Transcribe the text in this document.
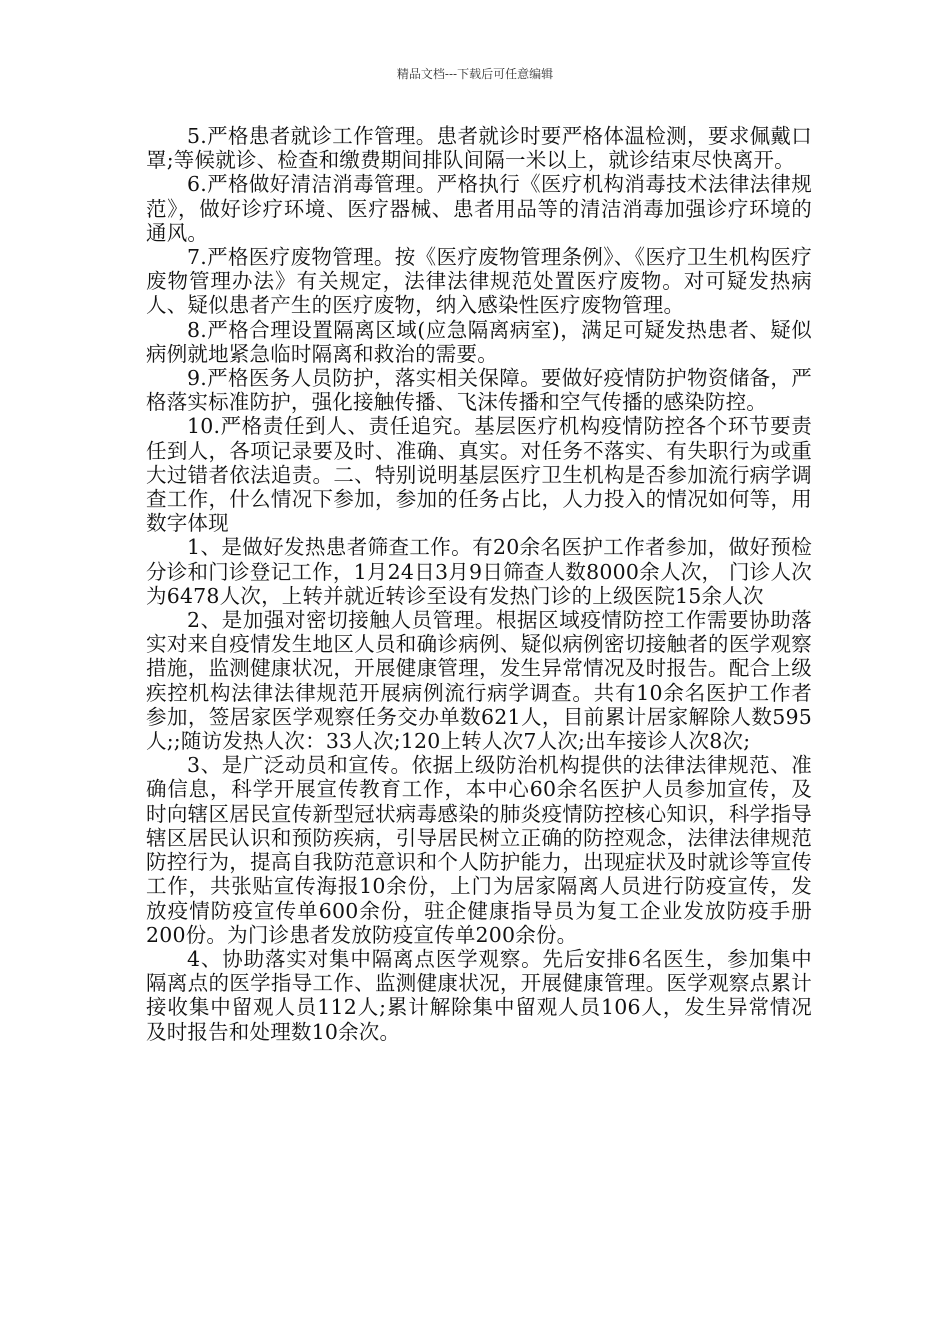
精品文档---下载后可任意编辑

5.严格患者就诊工作管理。患者就诊时要严格体温检测，要求佩戴口罩;等候就诊、检查和缴费期间排队间隔一米以上，就诊结束尽快离开。

6.严格做好清洁消毒管理。严格执行《医疗机构消毒技术法律法律规范》，做好诊疗环境、医疗器械、患者用品等的清洁消毒加强诊疗环境的通风。

7.严格医疗废物管理。按《医疗废物管理条例》、《医疗卫生机构医疗废物管理办法》有关规定，法律法律规范处置医疗废物。对可疑发热病人、疑似患者产生的医疗废物，纳入感染性医疗废物管理。

8.严格合理设置隔离区域(应急隔离病室)，满足可疑发热患者、疑似病例就地紧急临时隔离和救治的需要。

9.严格医务人员防护，落实相关保障。要做好疫情防护物资储备，严格落实标准防护，强化接触传播、飞沫传播和空气传播的感染防控。

10.严格责任到人、责任追究。基层医疗机构疫情防控各个环节要责任到人，各项记录要及时、准确、真实。对任务不落实、有失职行为或重大过错者依法追责。二、特别说明基层医疗卫生机构是否参加流行病学调查工作，什么情况下参加，参加的任务占比，人力投入的情况如何等，用数字体现

1、是做好发热患者筛查工作。有20余名医护工作者参加，做好预检分诊和门诊登记工作，1月24日3月9日筛查人数8000余人次， 门诊人次为6478人次，上转并就近转诊至设有发热门诊的上级医院15余人次

2、是加强对密切接触人员管理。根据区域疫情防控工作需要协助落实对来自疫情发生地区人员和确诊病例、疑似病例密切接触者的医学观察措施，监测健康状况，开展健康管理，发生异常情况及时报告。配合上级疾控机构法律法律规范开展病例流行病学调查。共有10余名医护工作者参加，签居家医学观察任务交办单数621人，目前累计居家解除人数595人;;随访发热人次：33人次;120上转人次7人次;出车接诊人次8次;

3、是广泛动员和宣传。依据上级防治机构提供的法律法律规范、准确信息，科学开展宣传教育工作，本中心60余名医护人员参加宣传，及时向辖区居民宣传新型冠状病毒感染的肺炎疫情防控核心知识，科学指导辖区居民认识和预防疾病，引导居民树立正确的防控观念，法律法律规范防控行为，提高自我防范意识和个人防护能力，出现症状及时就诊等宣传工作，共张贴宣传海报10余份，上门为居家隔离人员进行防疫宣传，发放疫情防疫宣传单600余份，驻企健康指导员为复工企业发放防疫手册200份。为门诊患者发放防疫宣传单200余份。

4、协助落实对集中隔离点医学观察。先后安排6名医生，参加集中隔离点的医学指导工作、监测健康状况，开展健康管理。医学观察点累计接收集中留观人员112人;累计解除集中留观人员106人，发生异常情况及时报告和处理数10余次。
